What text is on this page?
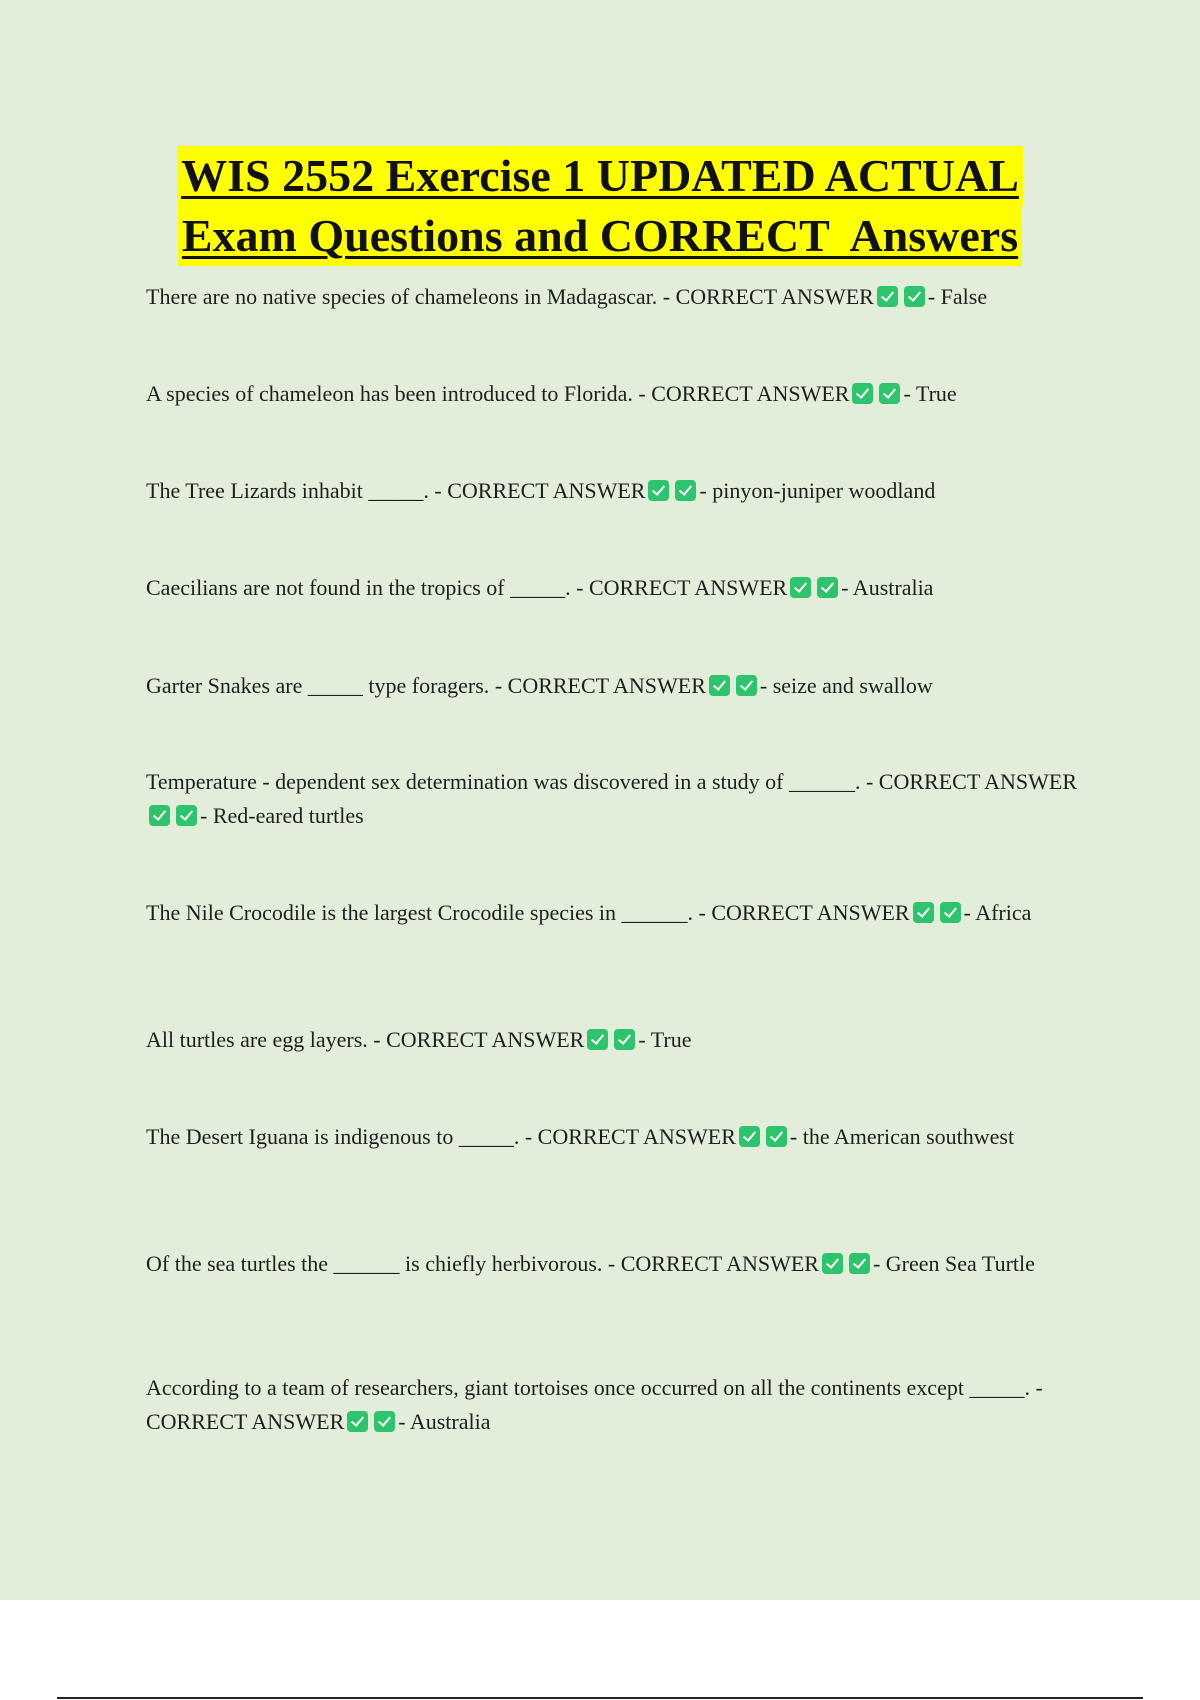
WIS 2552 Exercise 1 UPDATED ACTUAL
Exam Questions and CORRECT  Answers
There are no native species of chameleons in Madagascar. - CORRECT ANSWER - False
A species of chameleon has been introduced to Florida. - CORRECT ANSWER - True
The Tree Lizards inhabit _____. - CORRECT ANSWER - pinyon-juniper woodland
Caecilians are not found in the tropics of _____. - CORRECT ANSWER - Australia
Garter Snakes are _____ type foragers. - CORRECT ANSWER - seize and swallow
Temperature - dependent sex determination was discovered in a study of ______. - CORRECT ANSWER- Red-eared turtles
The Nile Crocodile is the largest Crocodile species in ______. - CORRECT ANSWER - Africa
All turtles are egg layers. - CORRECT ANSWER - True
The Desert Iguana is indigenous to _____. - CORRECT ANSWER - the American southwest
Of the sea turtles the ______ is chiefly herbivorous. - CORRECT ANSWER - Green Sea Turtle
According to a team of researchers, giant tortoises once occurred on all the continents except _____. - CORRECT ANSWER - Australia
